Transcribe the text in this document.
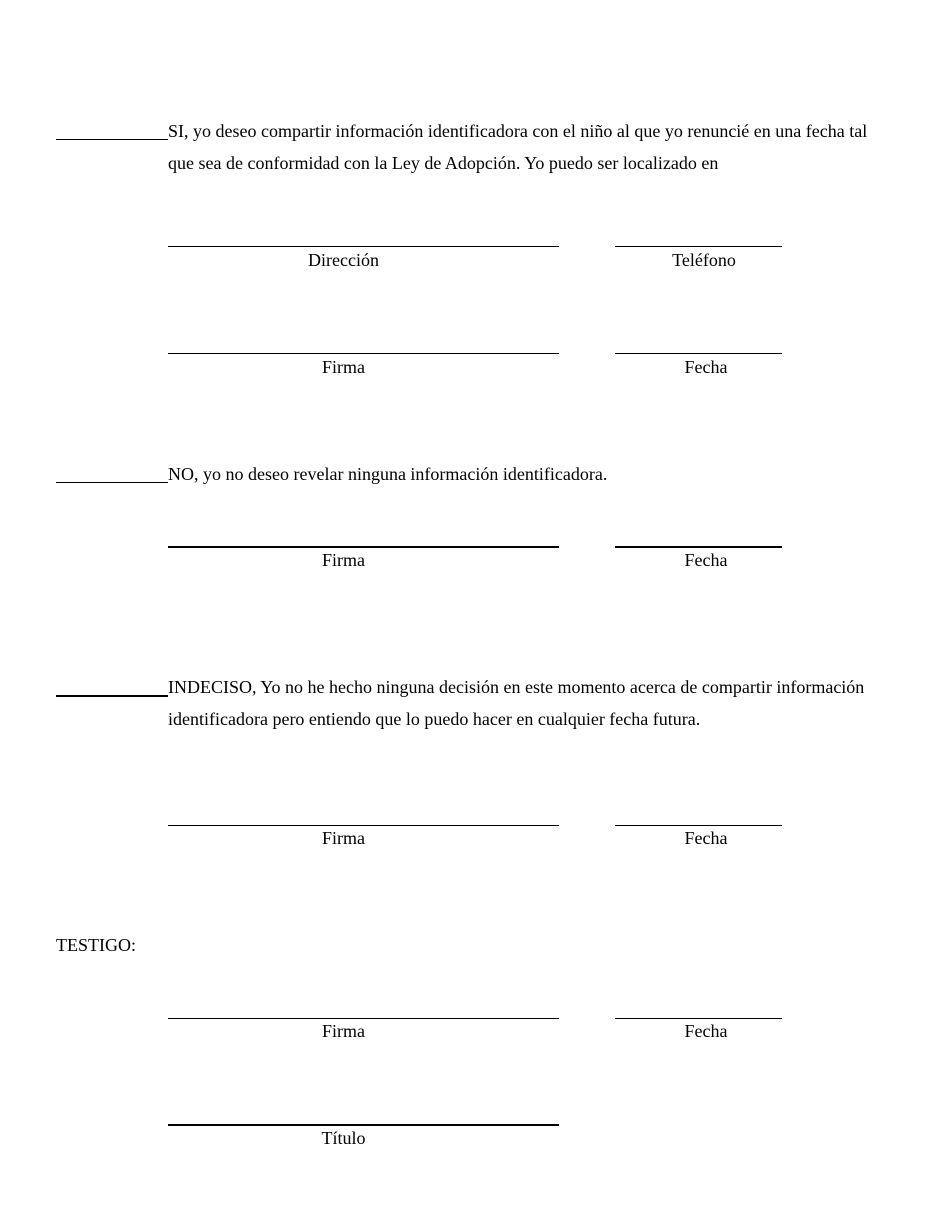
SI, yo deseo compartir información identificadora con el niño al que yo renuncié en una fecha tal
que sea de conformidad con la Ley de Adopción. Yo puedo ser localizado en
Dirección	Teléfono
Firma	Fecha
NO, yo no deseo revelar ninguna información identificadora.
Firma	Fecha
INDECISO, Yo no he hecho ninguna decisión en este momento acerca de compartir información
identificadora pero entiendo que lo puedo hacer en cualquier fecha futura.
Firma	Fecha
TESTIGO:
Firma	Fecha
Título
